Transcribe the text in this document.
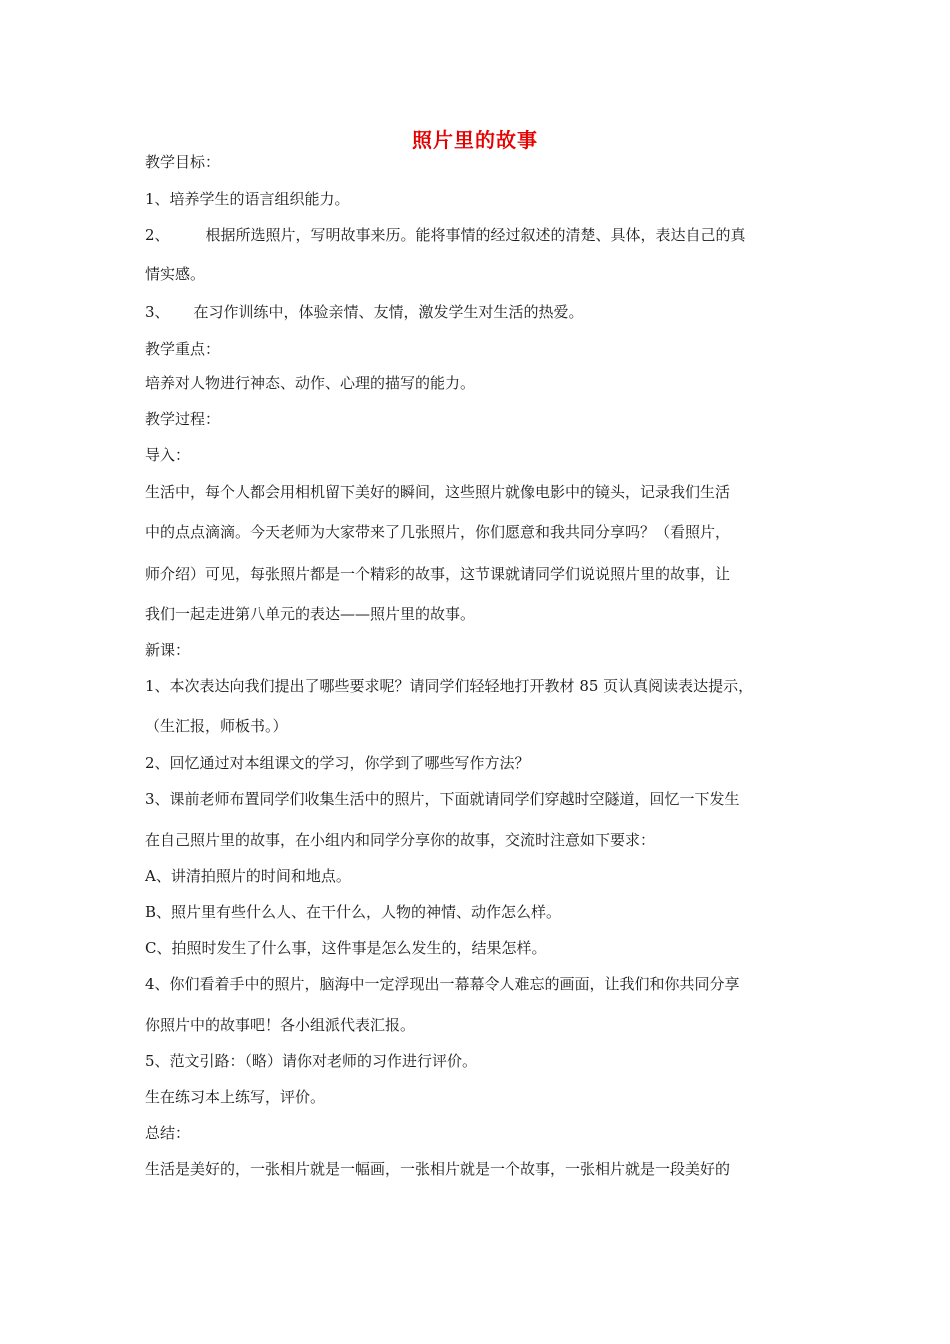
照片里的故事
教学目标：
1、培养学生的语言组织能力。
2、 根据所选照片，写明故事来历。能将事情的经过叙述的清楚、具体，表达自己的真
情实感。
3、 在习作训练中，体验亲情、友情，激发学生对生活的热爱。
教学重点：
培养对人物进行神态、动作、心理的描写的能力。
教学过程：
导入：
生活中，每个人都会用相机留下美好的瞬间，这些照片就像电影中的镜头，记录我们生活
中的点点滴滴。今天老师为大家带来了几张照片，你们愿意和我共同分享吗？（看照片，
师介绍）可见，每张照片都是一个精彩的故事，这节课就请同学们说说照片里的故事，让
我们一起走进第八单元的表达——照片里的故事。
新课：
1、本次表达向我们提出了哪些要求呢？请同学们轻轻地打开教材 85 页认真阅读表达提示，
（生汇报，师板书。）
2、回忆通过对本组课文的学习，你学到了哪些写作方法？
3、课前老师布置同学们收集生活中的照片，下面就请同学们穿越时空隧道，回忆一下发生
在自己照片里的故事，在小组内和同学分享你的故事，交流时注意如下要求：
A、讲清拍照片的时间和地点。
B、照片里有些什么人、在干什么，人物的神情、动作怎么样。
C、拍照时发生了什么事，这件事是怎么发生的，结果怎样。
4、你们看着手中的照片，脑海中一定浮现出一幕幕令人难忘的画面，让我们和你共同分享
你照片中的故事吧！各小组派代表汇报。
5、范文引路：（略）请你对老师的习作进行评价。
生在练习本上练写，评价。
总结：
生活是美好的，一张相片就是一幅画，一张相片就是一个故事，一张相片就是一段美好的
